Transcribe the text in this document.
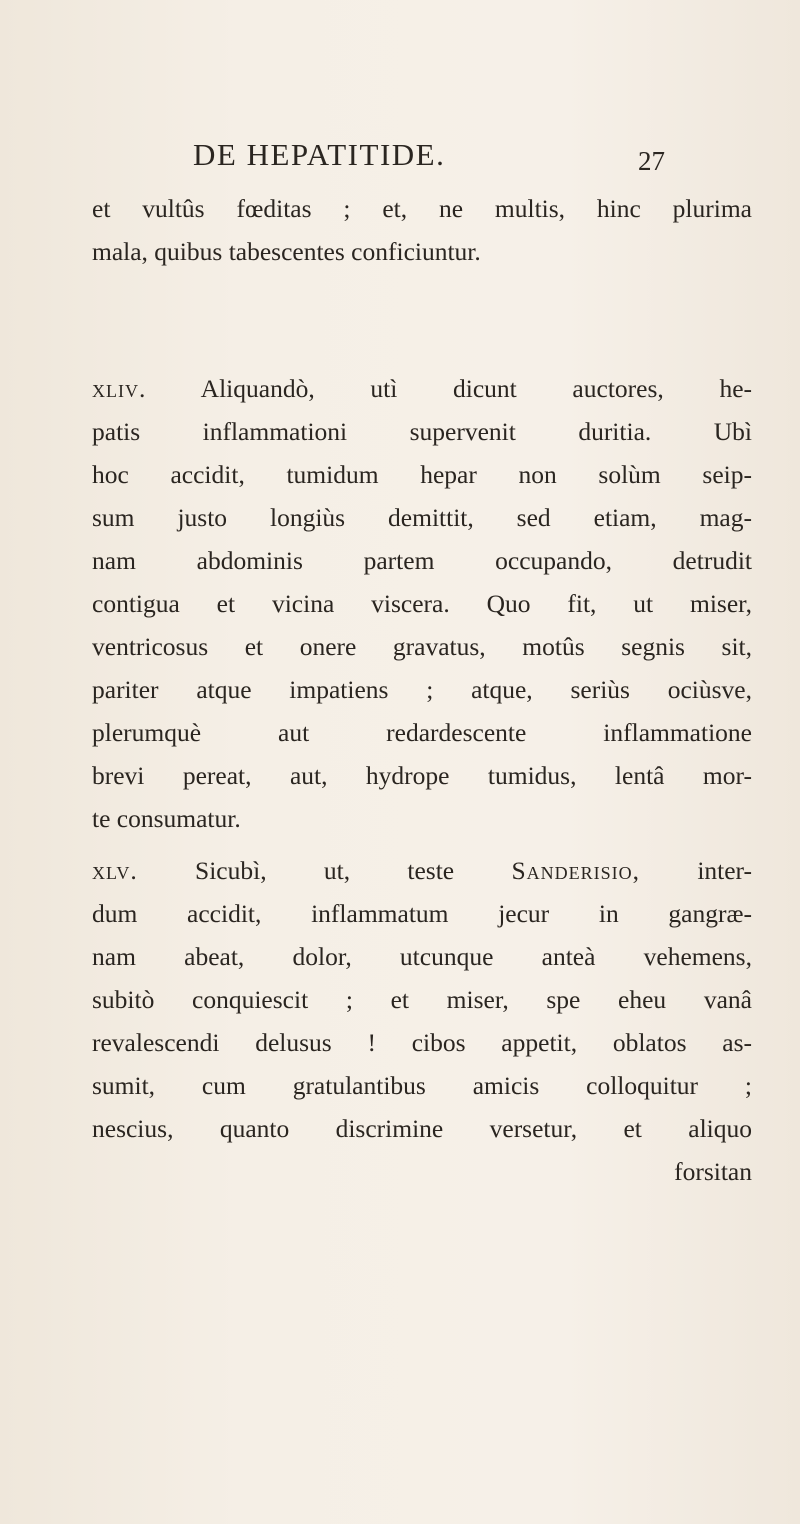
DE HEPATITIDE.	27
et vultûs fœditas ; et, ne multis, hinc plurima
mala, quibus tabescentes conficiuntur.
xliv. Aliquandò, utì dicunt auctores, he-
patis inflammationi supervenit duritia. Ubì
hoc accidit, tumidum hepar non solùm seip-
sum justo longiùs demittit, sed etiam, mag-
nam abdominis partem occupando, detrudit
contigua et vicina viscera. Quo fit, ut miser,
ventricosus et onere gravatus, motûs segnis sit,
pariter atque impatiens ; atque, seriùs ociùsve,
plerumquè aut redardescente inflammatione
brevi pereat, aut, hydrope tumidus, lentâ mor-
te consumatur.
xlv. Sicubì, ut, teste Sanderisio, inter-
dum accidit, inflammatum jecur in gangræ-
nam abeat, dolor, utcunque anteà vehemens,
subitò conquiescit ; et miser, spe eheu vanâ
revalescendi delusus ! cibos appetit, oblatos as-
sumit, cum gratulantibus amicis colloquitur ;
nescius, quanto discrimine versetur, et aliquo
forsitan
